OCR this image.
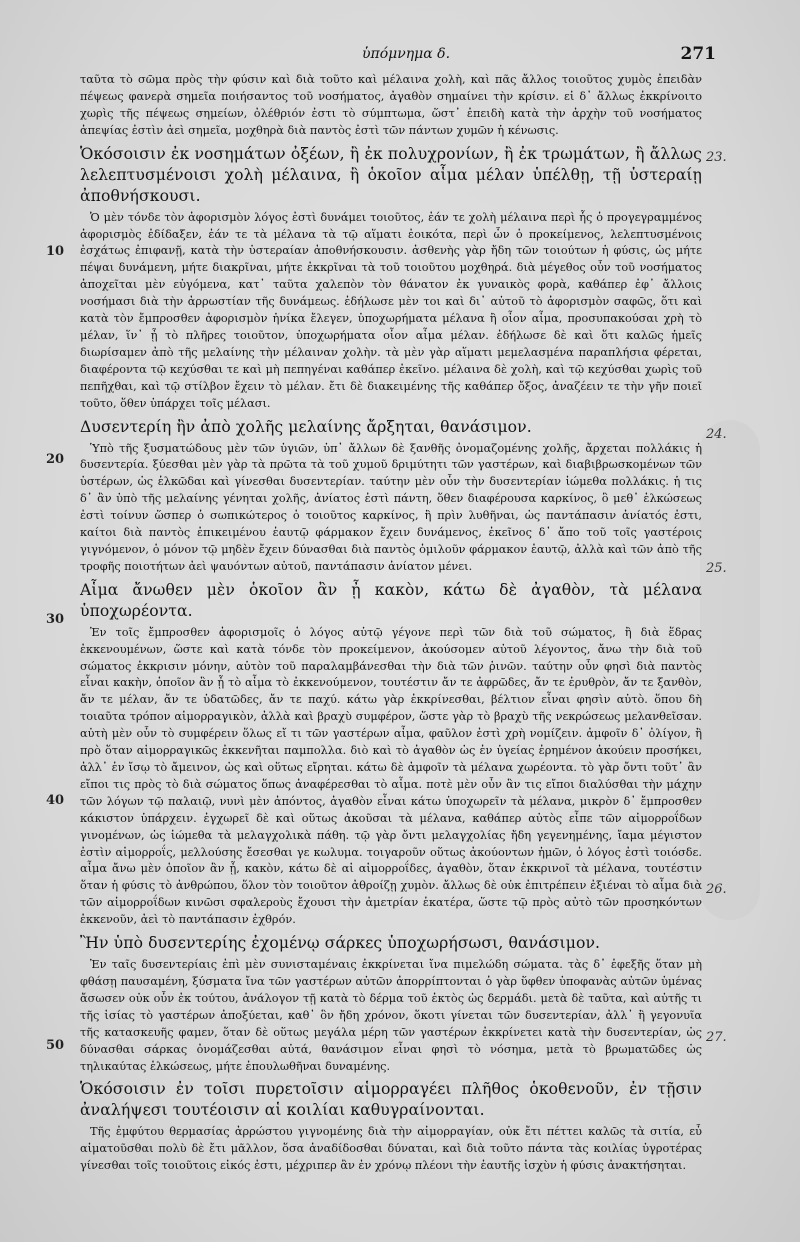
ὑπόμνημα δ.	271
10
20
30
40
50
23.
24.
25.
26.
27.

ταῦτα τὸ σῶμα πρὸς τὴν φύσιν καὶ διὰ τοῦτο καὶ μέλαινα χολὴ, καὶ πᾶς ἄλλος τοιοῦτος χυμὸς ἐπειδὰν πέψεως φανερὰ σημεῖα ποιήσαντος τοῦ νοσήματος, ἀγαθὸν σημαίνει τὴν κρίσιν. εἰ δ᾽ ἄλλως ἐκκρίνοιτο χωρὶς τῆς πέψεως σημείων, ὀλέθριόν ἐστι τὸ σύμπτωμα, ὥστ᾽ ἐπειδὴ κατὰ τὴν ἀρχὴν τοῦ νοσήματος ἀπεψίας ἐστὶν ἀεὶ σημεῖα, μοχθηρὰ διὰ παντὸς ἐστὶ τῶν πάντων χυμῶν ἡ κένωσις.

Ὁκόσοισιν ἐκ νοσημάτων ὀξέων, ἢ ἐκ πολυχρονίων, ἢ ἐκ τρωμάτων, ἢ ἄλλως λελεπτυσμένοισι χολὴ μέλαινα, ἢ ὁκοῖον αἷμα μέλαν ὑπέλθῃ, τῇ ὑστεραίῃ ἀποθνήσκουσι.

Ὁ μὲν τόνδε τὸν ἀφορισμὸν λόγος ἐστὶ δυνάμει τοιοῦτος, ἐάν τε χολὴ μέλαινα περὶ ἧς ὁ προγεγραμμένος ἀφορισμὸς ἐδίδαξεν, ἐάν τε τὰ μέλανα τὰ τῷ αἵματι ἐοικότα, περὶ ὧν ὁ προκείμενος, λελεπτυσμένοις ἐσχάτως ἐπιφανῇ, κατὰ τὴν ὑστεραίαν ἀποθνήσκουσιν. ἀσθενὴς γὰρ ἤδη τῶν τοιούτων ἡ φύσις, ὡς μήτε πέψαι δυνάμενη, μήτε διακρῖναι, μήτε ἐκκρῖναι τὰ τοῦ τοιοῦτου μοχθηρά. διὰ μέγεθος οὖν τοῦ νοσήματος ἀποχεῖται μὲν εὐγόμενα, κατ᾽ ταῦτα χαλεπὸν τὸν θάνατον ἐκ γυναικὸς φορὰ, καθάπερ ἐφ᾽ ἄλλοις νοσήμασι διὰ τὴν ἀρρωστίαν τῆς δυνάμεως. ἐδήλωσε μὲν τοι καὶ δι᾽ αὐτοῦ τὸ ἀφορισμὸν σαφῶς, ὅτι καὶ κατὰ τὸν ἔμπροσθεν ἀφορισμὸν ἡνίκα ἔλεγεν, ὑποχωρήματα μέλανα ἢ οἷον αἷμα, προσυπακούσαι χρὴ τὸ μέλαν, ἵν᾽ ᾖ τὸ πλῆρες τοιοῦτον, ὑποχωρήματα οἷον αἷμα μέλαν. ἐδήλωσε δὲ καὶ ὅτι καλῶς ἡμεῖς διωρίσαμεν ἀπὸ τῆς μελαίνης τὴν μέλαιναν χολὴν. τὰ μὲν γὰρ αἵματι μεμελασμένα παραπλήσια φέρεται, διαφέροντα τῷ κεχύσθαι τε καὶ μὴ πεπηγέναι καθάπερ ἐκεῖνο. μέλαινα δὲ χολὴ, καὶ τῷ κεχύσθαι χωρὶς τοῦ πεπῆχθαι, καὶ τῷ στίλβον ἔχειν τὸ μέλαν. ἔτι δὲ διακειμένης τῆς καθάπερ ὄξος, ἀναζέειν τε τὴν γῆν ποιεῖ τοῦτο, ὅθεν ὑπάρχει τοῖς μέλασι.

Δυσεντερίη ἢν ἀπὸ χολῆς μελαίνης ἄρξηται, θανάσιμον.

Ὑπὸ τῆς ξυσματώδους μὲν τῶν ὑγιῶν, ὑπ᾽ ἄλλων δὲ ξανθῆς ὀνομαζομένης χολῆς, ἄρχεται πολλάκις ἡ δυσεντερία. ξύεσθαι μὲν γὰρ τὰ πρῶτα τὰ τοῦ χυμοῦ δριμύτητι τῶν γαστέρων, καὶ διαβιβρωσκομένων τῶν ὑστέρων, ὡς ἑλκῶδαι καὶ γίνεσθαι δυσεντερίαν. ταύτην μὲν οὖν τὴν δυσεντερίαν ἰώμεθα πολλάκις. ἡ τις δ᾽ ἂν ὑπὸ τῆς μελαίνης γένηται χολῆς, ἀνίατος ἐστὶ πάντη, ὅθεν διαφέρουσα καρκίνος, ὃ μεθ᾽ ἑλκώσεως ἐστὶ τοίνυν ὥσπερ ὁ σωπικώτερος ὁ τοιοῦτος καρκίνος, ἢ πρὶν λυθῆναι, ὡς παντάπασιν ἀνίατός ἐστι, καίτοι διὰ παντὸς ἐπικειμένου ἑαυτῷ φάρμακον ἔχειν δυνάμενος, ἐκεῖνος δ᾽ ἄπο τοῦ τοῖς γαστέροις γιγνόμενον, ὁ μόνον τῷ μηδὲν ἔχειν δύνασθαι διὰ παντὸς ὁμιλοῦν φάρμακον ἑαυτῷ, ἀλλὰ καὶ τῶν ἀπὸ τῆς τροφῆς ποιοτήτων ἀεὶ ψαυόντων αὐτοῦ, παντάπασιν ἀνίατον μένει.

Αἷμα ἄνωθεν μὲν ὁκοῖον ἂν ᾖ κακὸν, κάτω δὲ ἀγαθὸν, τὰ μέλανα ὑποχωρέοντα.

Ἐν τοῖς ἔμπροσθεν ἀφορισμοῖς ὁ λόγος αὐτῷ γέγονε περὶ τῶν διὰ τοῦ σώματος, ἢ διὰ ἕδρας ἐκκενουμένων, ὥστε καὶ κατὰ τόνδε τὸν προκείμενον, ἀκούσομεν αὐτοῦ λέγοντος, ἄνω τὴν διὰ τοῦ σώματος ἐκκρισιν μόνην, αὐτὸν τοῦ παραλαμβάνεσθαι τὴν διὰ τῶν ῥινῶν. ταύτην οὖν φησὶ διὰ παντὸς εἶναι κακὴν, ὁποῖον ἂν ᾖ τὸ αἷμα τὸ ἐκκενούμενον, τουτέστιν ἄν τε ἀφρῶδες, ἄν τε ἐρυθρὸν, ἄν τε ξανθὸν, ἄν τε μέλαν, ἄν τε ὑδατῶδες, ἄν τε παχύ. κάτω γὰρ ἐκκρίνεσθαι, βέλτιον εἶναι φησὶν αὐτὸ. ὅπου δὴ τοιαῦτα τρόπον αἱμορραγικὸν, ἀλλὰ καὶ βραχὺ συμφέρον, ὥστε γὰρ τὸ βραχὺ τῆς νεκρώσεως μελανθεῖσαν. αὐτὴ μὲν οὖν τὸ συμφέρειν ὅλως εἴ τι τῶν γαστέρων αἷμα, φαῦλον ἐστὶ χρὴ νομίζειν. ἀμφοῖν δ᾽ ὀλίγον, ἢ πρὸ ὅταν αἱμορραγικῶς ἐκκενῆται παμπολλα. διὸ καὶ τὸ ἀγαθὸν ὡς ἐν ὑγείας ἐρημένον ἀκούειν προσήκει, ἀλλ᾽ ἐν ἴσῳ τὸ ἄμεινον, ὡς καὶ οὕτως εἴρηται. κάτω δὲ ἀμφοῖν τὰ μέλανα χωρέοντα. τὸ γὰρ ὄντι τοῦτ᾽ ἂν εἴποι τις πρὸς τὸ διὰ σώματος ὅπως ἀναφέρεσθαι τὸ αἷμα. ποτὲ μὲν οὖν ἂν τις εἴποι διαλύσθαι τὴν μάχην τῶν λόγων τῷ παλαιῷ, νυνὶ μὲν ἀπόντος, ἀγαθὸν εἶναι κάτω ὑποχωρεῖν τὰ μέλανα, μικρὸν δ᾽ ἔμπροσθεν κάκιστον ὑπάρχειν. ἐγχωρεῖ δὲ καὶ οὕτως ἀκοῦσαι τὰ μέλανα, καθάπερ αὐτὸς εἶπε τῶν αἱμορροΐδων γινομένων, ὡς ἰώμεθα τὰ μελαγχολικὰ πάθη. τῷ γὰρ ὄντι μελαγχολίας ἤδη γεγενημένης, ἴαμα μέγιστον ἐστὶν αἱμορροΐς, μελλούσης ἔσεσθαι γε κωλυμα. τοιγαροῦν οὕτως ἀκούοντων ἡμῶν, ὁ λόγος ἐστὶ τοιόσδε. αἷμα ἄνω μὲν ὁποῖον ἂν ᾖ, κακὸν, κάτω δὲ αἱ αἱμορροΐδες, ἀγαθὸν, ὅταν ἐκκρινοῖ τὰ μέλανα, τουτέστιν ὅταν ἡ φύσις τὸ ἀνθρώπου, ὅλον τὸν τοιοῦτον ἀθροίζῃ χυμὸν. ἄλλως δὲ οὐκ ἐπιτρέπειν ἐξιέναι τὸ αἷμα διὰ τῶν αἱμορροΐδων κινῶσι σφαλεροὺς ἔχουσι τὴν ἀμετρίαν ἑκατέρα, ὥστε τῷ πρὸς αὐτὸ τῶν προσηκόντων ἐκκενοῦν, ἀεὶ τὸ παντάπασιν ἐχθρόν.

Ἢν ὑπὸ δυσεντερίης ἐχομένῳ σάρκες ὑποχωρήσωσι, θανάσιμον.

Ἐν ταῖς δυσεντερίαις ἐπὶ μὲν συνισταμέναις ἐκκρίνεται ἴνα πιμελώδη σώματα. τὰς δ᾽ ἐφεξῆς ὅταν μὴ φθάσῃ παυσαμένη, ξύσματα ἴνα τῶν γαστέρων αὐτῶν ἀπορρίπτονται ὁ γὰρ ὕφθεν ὑποφανὰς αὐτῶν ὑμένας ἄσωσεν οὐκ οὖν ἐκ τούτου, ἀνάλογον τῇ κατὰ τὸ δέρμα τοῦ ἐκτὸς ὡς δερμάδι. μετὰ δὲ ταῦτα, καὶ αὐτῆς τι τῆς ἰσίας τὸ γαστέρων ἀποξύεται, καθ᾽ ὃν ἤδη χρόνον, ὅκοτι γίνεται τῶν δυσεντερίαν, ἀλλ᾽ ἢ γεγονυῖα τῆς κατασκευῆς φαμεν, ὅταν δὲ οὕτως μεγάλα μέρη τῶν γαστέρων ἐκκρίνετει κατὰ τὴν δυσεντερίαν, ὡς δύνασθαι σάρκας ὀνομάζεσθαι αὐτά, θανάσιμον εἶναι φησὶ τὸ νόσημα, μετὰ τὸ βρωματῶδες ὡς τηλικαύτας ἑλκώσεως, μήτε ἐπουλωθῆναι δυναμένης.

Ὁκόσοισιν ἐν τοῖσι πυρετοῖσιν αἱμορραγέει πλῆθος ὁκοθενοῦν, ἐν τῇσιν ἀναλήψεσι τουτέοισιν αἱ κοιλίαι καθυγραίνονται.

Τῆς ἐμφύτου θερμασίας ἀρρώστου γιγνομένης διὰ τὴν αἱμορραγίαν, οὐκ ἔτι πέττει καλῶς τὰ σιτία, εὖ αἱματοῦσθαι πολὺ δὲ ἔτι μᾶλλον, ὅσα ἀναδίδοσθαι δύναται, καὶ διὰ τοῦτο πάντα τὰς κοιλίας ὑγροτέρας γίνεσθαι τοῖς τοιοῦτοις εἰκός ἐστι, μέχριπερ ἂν ἐν χρόνῳ πλέονι τὴν ἑαυτῆς ἰσχὺν ἡ φύσις ἀνακτήσηται.
